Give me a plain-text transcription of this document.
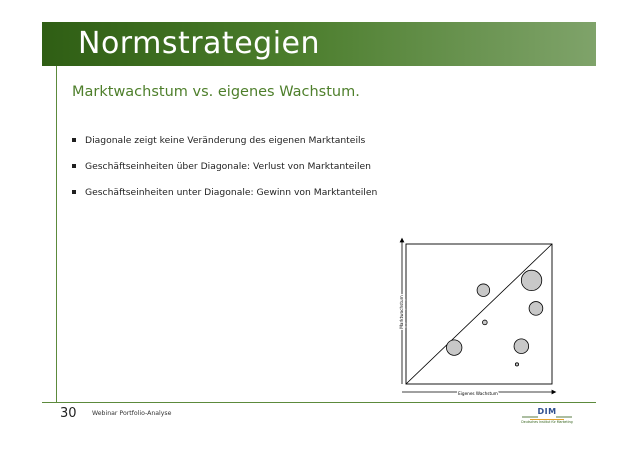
Normstrategien
Marktwachstum vs. eigenes Wachstum.
Diagonale zeigt keine Veränderung des eigenen Marktanteils
Geschäftseinheiten über Diagonale: Verlust von Marktanteilen
Geschäftseinheiten unter Diagonale: Gewinn von Marktanteilen
Eigenes Wachstum
Marktwachstum
30 Webinar Portfolio-Analyse	DIM
Deutsches Institut für Marketing
